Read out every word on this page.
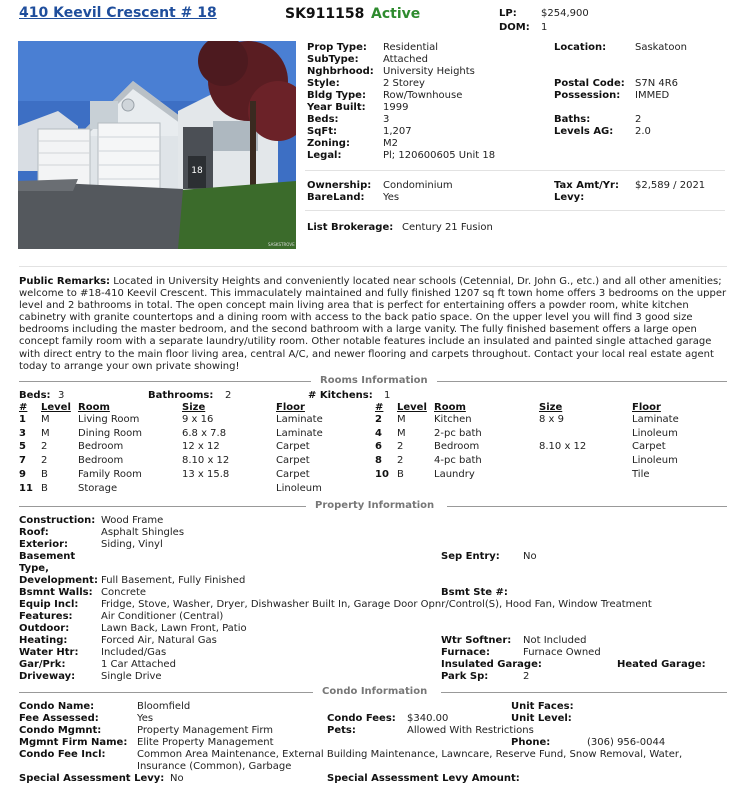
410 Keevil Crescent # 18	SK911158 Active	LP: $254,900
DOM: 1
18
SASKSTROVE
Prop Type: Residential
SubType: Attached
Nghbrhood: University Heights
Style:	2 Storey
Bldg Type: Row/Townhouse
Year Built: 1999
Beds:	3
SqFt:	1,207
Zoning:	M2
Legal:	Pl; 120600605 Unit 18
Location:	Saskatoon
Postal Code: S7N 4R6
Possession: IMMED
Baths:	2
Levels AG: 2.0
Ownership: Condominium
BareLand: Yes
Tax Amt/Yr: $2,589 / 2021
Levy:
List Brokerage: Century 21 Fusion
Public Remarks: Located in University Heights and conveniently located near schools (Cetennial, Dr. John G., etc.) and all other amenities; welcome to #18-410 Keevil Crescent. This immaculately maintained and fully finished 1207 sq ft town home offers 3 bedrooms on the upper level and 2 bathrooms in total. The open concept main living area that is perfect for entertaining offers a powder room, white kitchen cabinetry with granite countertops and a dining room with access to the back patio space. On the upper level you will find 3 good size bedrooms including the master bedroom, and the second bathroom with a large vanity. The fully finished basement offers a large open concept family room with a separate laundry/utility room. Other notable features include an insulated and painted single attached garage with direct entry to the main floor living area, central A/C, and newer flooring and carpets throughout. Contact your local real estate agent today to arrange your own private showing!
Rooms Information
Beds: 3	Bathrooms: 2	# Kitchens: 1
# Level Room	Size	Floor	# Level Room	Size	Floor
1 M	Living Room	9 x 16	Laminate
3 M	Dining Room	6.8 x 7.8	Laminate
5 2	Bedroom	12 x 12	Carpet
7 2	Bedroom	8.10 x 12	Carpet
9 B	Family Room	13 x 15.8	Carpet
11 B	Storage	Linoleum
2 M	Kitchen	8 x 9	Laminate
4 M	2-pc bath	Linoleum
6 2	Bedroom	8.10 x 12	Carpet
8 2	4-pc bath	Linoleum
10 B	Laundry	Tile
Property Information
Construction: Wood Frame
Roof:	Asphalt Shingles
Exterior:	Siding, Vinyl
Basement
Type,
Sep Entry: No
Development: Full Basement, Fully Finished
Bsmnt Walls: Concrete	Bsmt Ste #:
Equip Incl: Fridge, Stove, Washer, Dryer, Dishwasher Built In, Garage Door Opnr/Control(S), Hood Fan, Window Treatment
Features:	Air Conditioner (Central)
Outdoor:	Lawn Back, Lawn Front, Patio
Heating:	Forced Air, Natural Gas	Wtr Softner: Not Included
Water Htr: Included/Gas	Furnace:	Furnace Owned
Gar/Prk:	1 Car Attached	Insulated Garage:	Heated Garage:
Driveway:	Single Drive	Park Sp:	2
Condo Information
Condo Name:	Bloomfield	Unit Faces:
Fee Assessed:	Yes	Condo Fees: $340.00	Unit Level:
Condo Mgmnt:	Property Management Firm	Pets:	Allowed With Restrictions
Mgmnt Firm Name: Elite Property Management	Phone:	(306) 956-0044
Condo Fee Incl:	Common Area Maintenance, External Building Maintenance, Lawncare, Reserve Fund, Snow Removal, Water,
Insurance (Common), Garbage
Special Assessment Levy: No	Special Assessment Levy Amount:
